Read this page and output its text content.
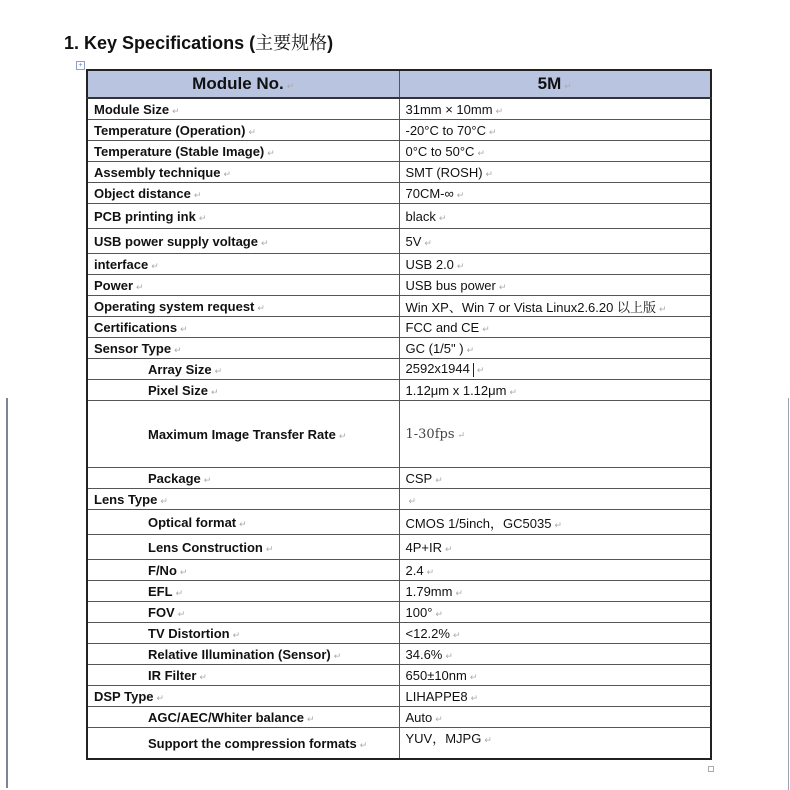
1. Key Specifications (主要规格)
+
Module No. ↵	5M ↵
Module Size ↵	31mm × 10mm ↵
Temperature (Operation) ↵	-20°C to 70°C ↵
Temperature (Stable Image) ↵	0°C to 50°C ↵
Assembly technique ↵	SMT (ROSH) ↵
Object distance ↵	70CM-∞ ↵
PCB printing ink ↵	black ↵
USB power supply voltage ↵	5V ↵
interface ↵	USB 2.0 ↵
Power ↵	USB bus power ↵
Operating system request ↵	Win XP、Win 7 or Vista Linux2.6.20 以上版 ↵
Certifications ↵	FCC and CE ↵
Sensor Type ↵	GC (1/5" ) ↵
Array Size ↵	2592x1944 ↵
Pixel Size ↵	1.12μm x 1.12μm ↵
Maximum Image Transfer Rate ↵	1-30fps ↵
Package ↵	CSP ↵
Lens Type ↵	↵
Optical format ↵	CMOS 1/5inch，GC5035 ↵
Lens Construction ↵	4P+IR ↵
F/No ↵	2.4 ↵
EFL ↵	1.79mm ↵
FOV ↵	100° ↵
TV Distortion ↵	<12.2% ↵
Relative Illumination (Sensor) ↵	34.6% ↵
IR Filter ↵	650±10nm ↵
DSP Type ↵	LIHAPPE8 ↵
AGC/AEC/Whiter balance ↵	Auto ↵
Support the compression formats ↵	YUV，MJPG ↵
